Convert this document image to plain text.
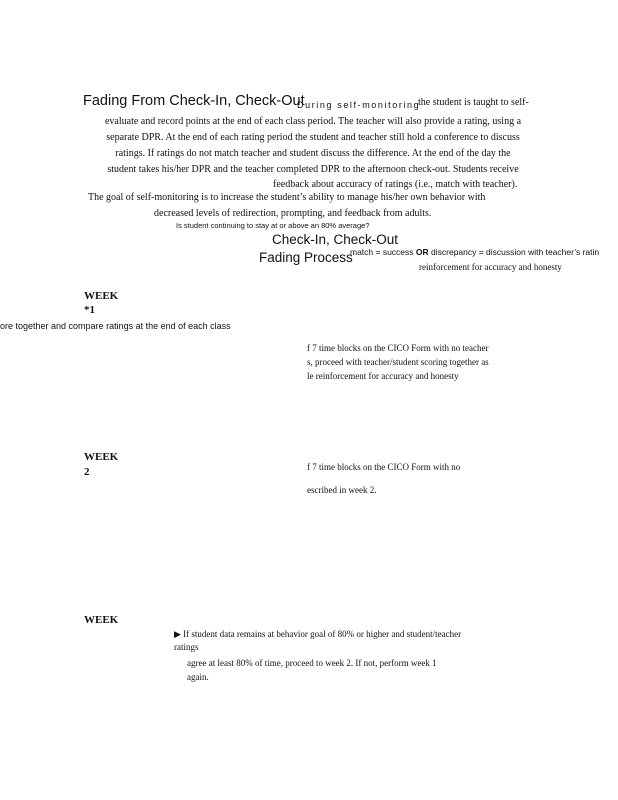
Fading From Check-In, Check-Out
During self-monitoring
the student is taught to self-
evaluate and record points at the end of each class period. The teacher will also provide a rating, using a
separate DPR. At the end of each rating period the student and teacher still hold a conference to discuss
ratings. If ratings do not match teacher and student discuss the difference. At the end of the day the
student takes his/her DPR and the teacher completed DPR to the afternoon check-out. Students receive
feedback about accuracy of ratings (i.e., match with teacher).
The goal of self-monitoring is to increase the student’s ability to manage his/her own behavior with
decreased levels of redirection, prompting, and feedback from adults.
Is student continuing to stay at or above an 80% average?
Check-In, Check-Out
Fading Process
match = success OR discrepancy = discussion with teacher’s ratin
reinforcement for accuracy and honesty
WEEK
*1
ore together and compare ratings at the end of each class
f 7 time blocks on the CICO Form with no teacher
s, proceed with teacher/student scoring together as
le reinforcement for accuracy and honesty
WEEK
2	f 7 time blocks on the CICO Form with no
escribed in week 2.
WEEK
▶ If student data remains at behavior goal of 80% or higher and student/teacher
ratings
agree at least 80% of time, proceed to week 2. If not, perform week 1
again.
